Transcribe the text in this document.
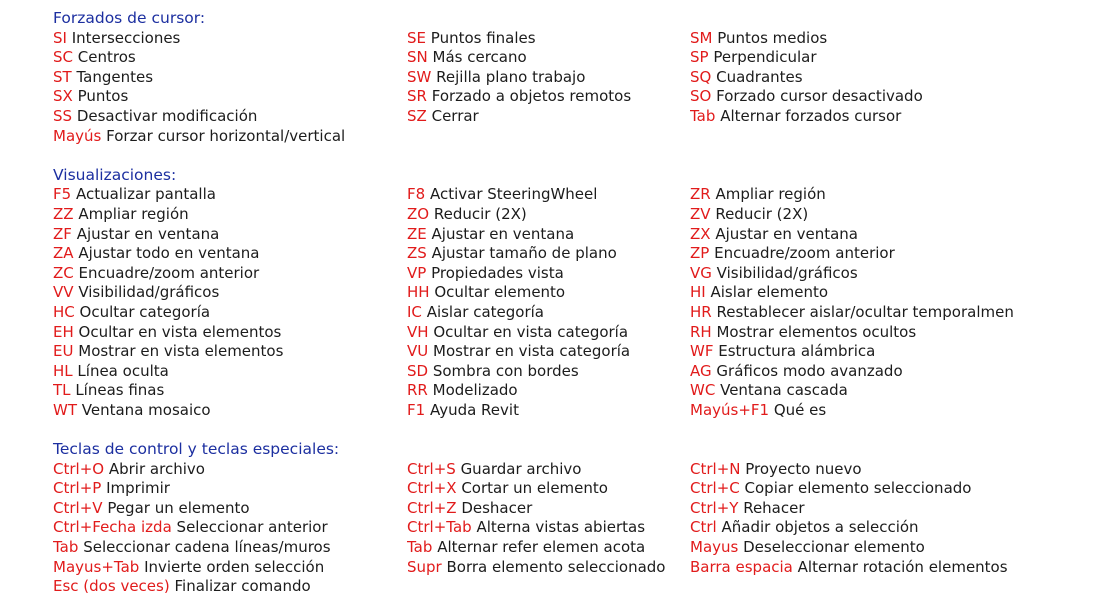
Forzados de cursor:
SI Intersecciones	SE Puntos finales	SM Puntos medios
SC Centros	SN Más cercano	SP Perpendicular
ST Tangentes	SW Rejilla plano trabajo	SQ Cuadrantes
SX Puntos	SR Forzado a objetos remotos	SO Forzado cursor desactivado
SS Desactivar modificación	SZ Cerrar	Tab Alternar forzados cursor
Mayús Forzar cursor horizontal/vertical
Visualizaciones:
F5 Actualizar pantalla	F8 Activar SteeringWheel	ZR Ampliar región
ZZ Ampliar región	ZO Reducir (2X)	ZV Reducir (2X)
ZF Ajustar en ventana	ZE Ajustar en ventana	ZX Ajustar en ventana
ZA Ajustar todo en ventana	ZS Ajustar tamaño de plano	ZP Encuadre/zoom anterior
ZC Encuadre/zoom anterior	VP Propiedades vista	VG Visibilidad/gráficos
VV Visibilidad/gráficos	HH Ocultar elemento	HI Aislar elemento
HC Ocultar categoría	IC Aislar categoría	HR Restablecer aislar/ocultar temporalmen
EH Ocultar en vista elementos	VH Ocultar en vista categoría	RH Mostrar elementos ocultos
EU Mostrar en vista elementos	VU Mostrar en vista categoría	WF Estructura alámbrica
HL Línea oculta	SD Sombra con bordes	AG Gráficos modo avanzado
TL Líneas finas	RR Modelizado	WC Ventana cascada
WT Ventana mosaico	F1 Ayuda Revit	Mayús+F1 Qué es
Teclas de control y teclas especiales:
Ctrl+O Abrir archivo	Ctrl+S Guardar archivo	Ctrl+N Proyecto nuevo
Ctrl+P Imprimir	Ctrl+X Cortar un elemento	Ctrl+C Copiar elemento seleccionado
Ctrl+V Pegar un elemento	Ctrl+Z Deshacer	Ctrl+Y Rehacer
Ctrl+Fecha izda Seleccionar anterior	Ctrl+Tab Alterna vistas abiertas	Ctrl Añadir objetos a selección
Tab Seleccionar cadena líneas/muros	Tab Alternar refer elemen acota	Mayus Deseleccionar elemento
Mayus+Tab Invierte orden selección	Supr Borra elemento seleccionado	Barra espacia Alternar rotación elementos
Esc (dos veces) Finalizar comando
